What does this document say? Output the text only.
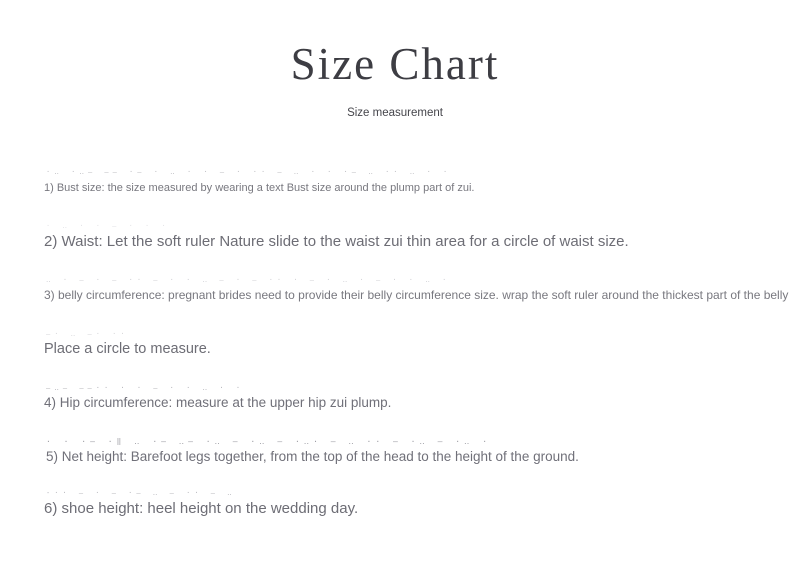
Size Chart
Size measurement
·‥ ·‥– —– ·– · ‥ · · – · ·· – ‥ · · ·– ‥ ·· ‥ · ·
1) Bust size: the size measured by wearing a text Bust size around the plump part of zui.
· ‥ · · – · · ·
2) Waist: Let the soft ruler Nature slide to the waist zui thin area for a circle of waist size.
‥ · – · — ·· – · · ‥ — · – ·· · – · ‥ · – · · ‥ ·
3) belly circumference: pregnant brides need to provide their belly circumference size. wrap the soft ruler around the thickest part of the belly
–· ‥ —· ··
Place a circle to measure.
—‥– —–·· · · – · · ‥ · ·
4) Hip circumference: measure at the upper hip zui plump.
· · ·— ·‖ ‥ ·– ‥— ·‥ — ·‥ — ·‥· — ‥ ·· – ·‥ — ·‥ ·
5) Net height: Barefoot legs together, from the top of the head to the height of the ground.
‑·· – · — ·– ‥ — ·· – ‥
6) shoe height: heel height on the wedding day.
